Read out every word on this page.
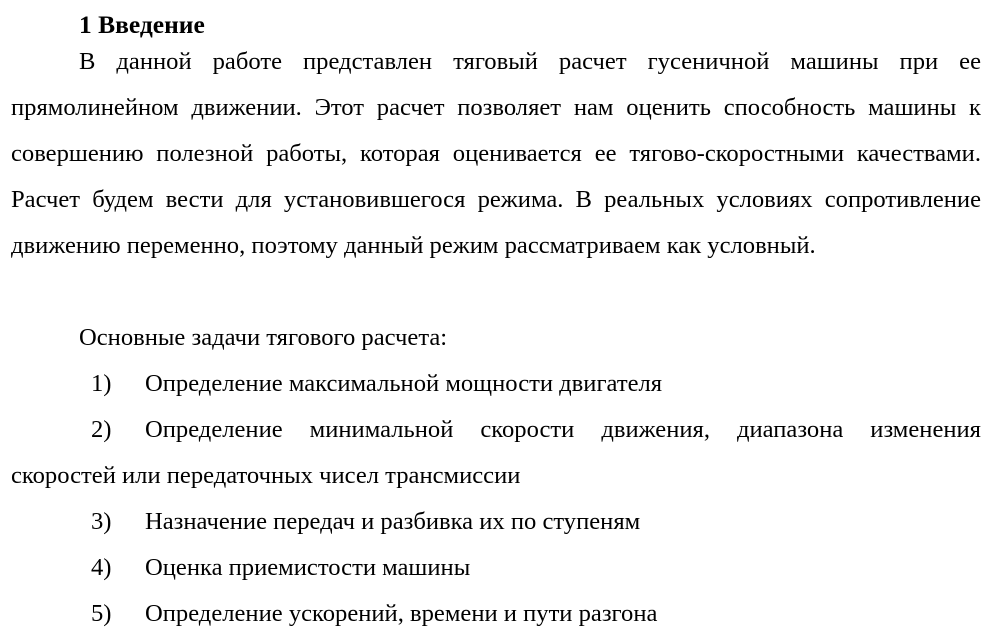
1 Введение

В данной работе представлен тяговый расчет гусеничной машины при ее прямолинейном движении. Этот расчет позволяет нам оценить способность машины к совершению полезной работы, которая оценивается ее тягово-скоростными качествами. Расчет будем вести для установившегося режима. В реальных условиях сопротивление движению переменно, поэтому данный режим рассматриваем как условный.

Основные задачи тягового расчета:

1) Определение максимальной мощности двигателя

2) Определение минимальной скорости движения, диапазона изменения скоростей или передаточных чисел трансмиссии

3) Назначение передач и разбивка их по ступеням

4) Оценка приемистости машины

5) Определение ускорений, времени и пути разгона
